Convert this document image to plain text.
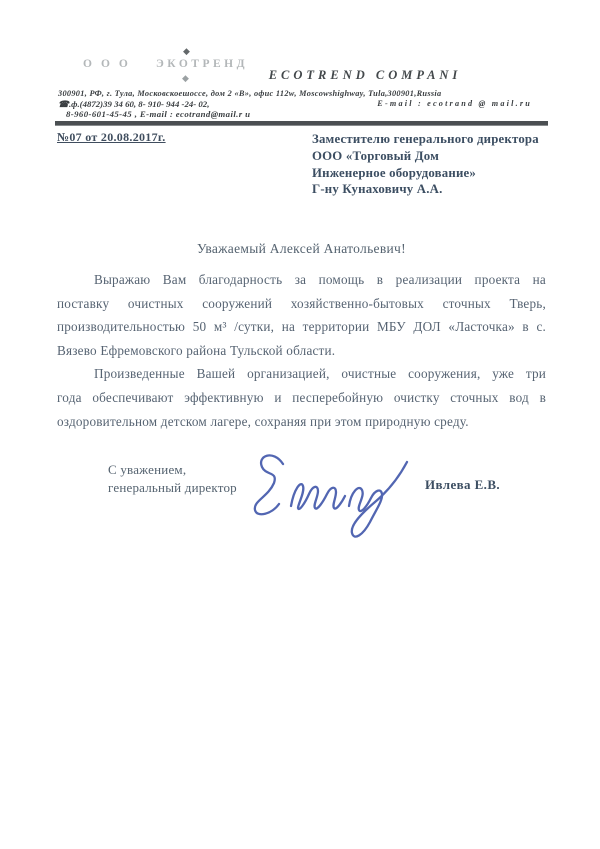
ООО ЭКОТРЕНД
◆
◆	ECOTREND COMPANI
300901, РФ, г. Тула, Московскоешоссе, дом 2 «В», офис 112w, Moscowshighway, Tula,300901,Russia
☎.ф.(4872)39 34 60, 8- 910- 944 -24- 02,	E-mail : ecotrand @ mail.ru
8-960-601-45-45 , E-mail : ecotrand@mail.r u
№07 от 20.08.2017г.	Заместителю генерального директора
ООО «Торговый Дом
Инженерное оборудование»
Г-ну Кунаховичу А.А.
Уважаемый Алексей Анатольевич!
Выражаю Вам благодарность за помощь в реализации проекта на
поставку очистных сооружений хозяйственно-бытовых сточных Тверь,
производительностью 50 м³ /сутки, на территории МБУ ДОЛ «Ласточка» в с.
Вязево Ефремовского района Тульской области.
Произведенные Вашей организацией, очистные сооружения, уже три
года обеспечивают эффективную и песперебойную очистку сточных вод в
оздоровительном детском лагере, сохраняя при этом природную среду.
С уважением,
генеральный директор	Ивлева Е.В.
